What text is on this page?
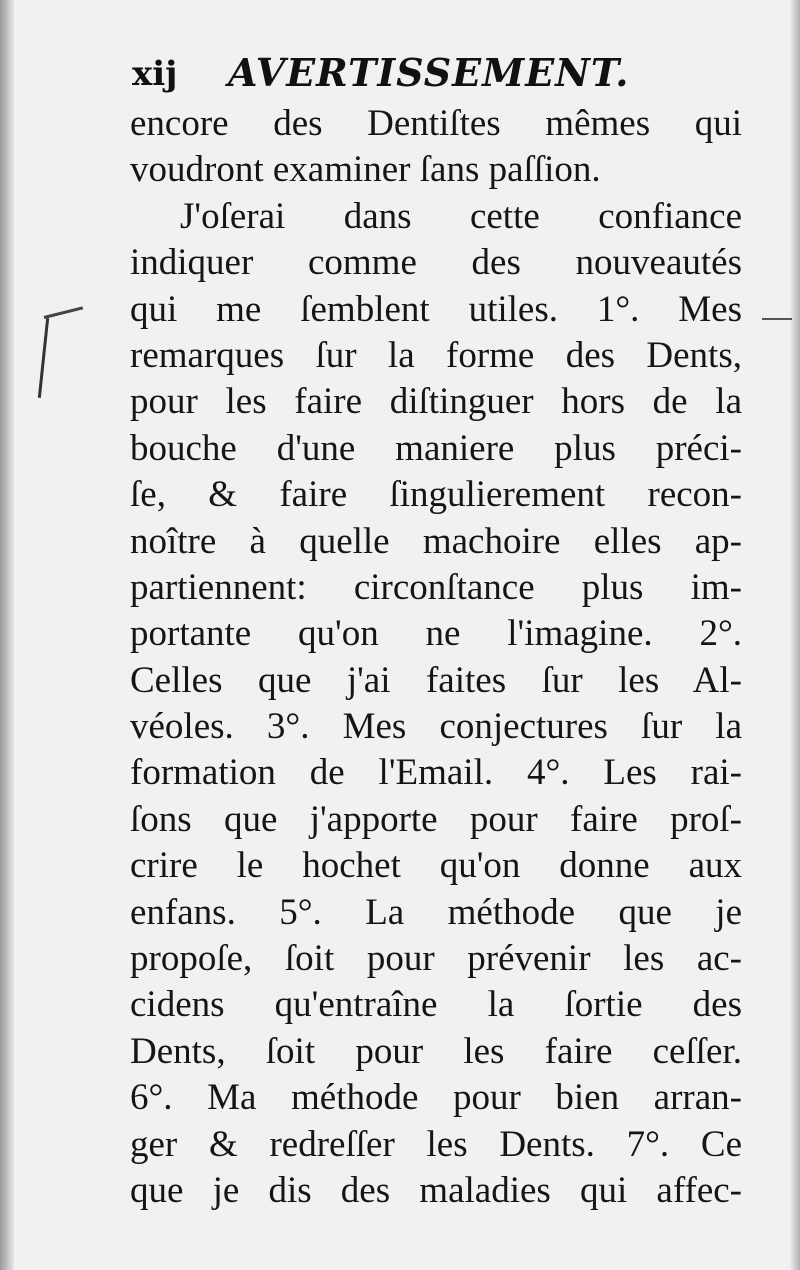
xij AVERTISSEMENT.
encore des Dentiſtes mêmes qui
voudront examiner ſans paſſion.
J'oſerai dans cette confiance
indiquer comme des nouveautés
qui me ſemblent utiles. 1°. Mes
remarques ſur la forme des Dents,
pour les faire diſtinguer hors de la
bouche d'une maniere plus préci-
ſe, & faire ſingulierement recon-
noître à quelle machoire elles ap-
partiennent: circonſtance plus im-
portante qu'on ne l'imagine. 2°.
Celles que j'ai faites ſur les Al-
véoles. 3°. Mes conjectures ſur la
formation de l'Email. 4°. Les rai-
ſons que j'apporte pour faire proſ-
crire le hochet qu'on donne aux
enfans. 5°. La méthode que je
propoſe, ſoit pour prévenir les ac-
cidens qu'entraîne la ſortie des
Dents, ſoit pour les faire ceſſer.
6°. Ma méthode pour bien arran-
ger & redreſſer les Dents. 7°. Ce
que je dis des maladies qui affec-
